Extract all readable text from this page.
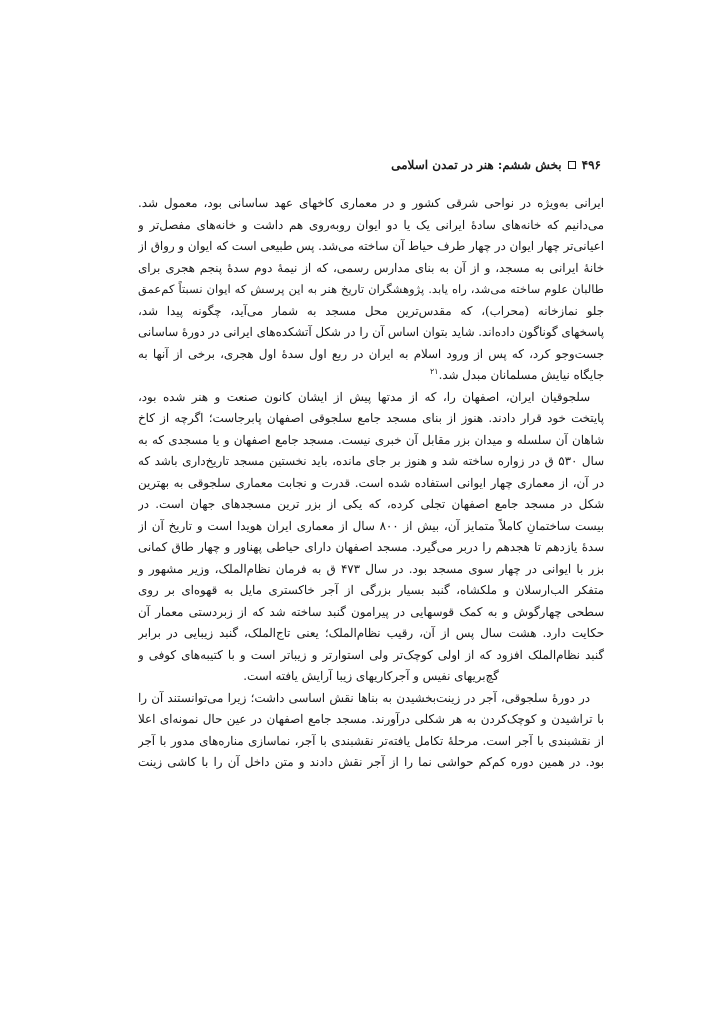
۴۹۶
بخش ششم: هنر در تمدن اسلامی
ایرانی به‌ویژه در نواحی شرقی کشور و در معماری کاخهای عهد ساسانی بود، معمول شد.
می‌دانیم که خانه‌های سادهٔ ایرانی یک یا دو ایوان روبه‌روی هم داشت و خانه‌های مفصل‌تر و
اعیانی‌تر چهار ایوان در چهار طرف حیاط آن ساخته می‌شد. پس طبیعی است که ایوان و رواق از
خانهٔ ایرانی به مسجد، و از آن به بنای مدارس رسمی، که از نیمهٔ دوم سدهٔ پنجم هجری برای
طالبان علوم ساخته می‌شد، راه یابد. پژوهشگران تاریخ هنر به این پرسش که ایوان نسبتاً کم‌عمق
جلو نمازخانه (محراب)، که مقدس‌ترین محل مسجد به شمار می‌آید، چگونه پیدا شد،
پاسخهای گوناگون داده‌اند. شاید بتوان اساس آن را در شکل آتشکده‌های ایرانی در دورهٔ ساسانی
جست‌وجو کرد، که پس از ورود اسلام به ایران در ربع اول سدهٔ اول هجری، برخی از آنها به
جایگاه نیایش مسلمانان مبدل شد.$^{۲۱}$
سلجوقیان ایران، اصفهان را، که از مدتها پیش از ایشان کانون صنعت و هنر شده بود،
پایتخت خود قرار دادند. هنوز از بنای مسجد جامع سلجوقی اصفهان پابرجاست؛ اگرچه از کاخ
شاهان آن سلسله و میدان بزر مقابل آن خبری نیست. مسجد جامع اصفهان و یا مسجدی که به
سال ۵۳۰ ق در زواره ساخته شد و هنوز بر جای مانده، باید نخستین مسجد تاریخ‌داری باشد که
در آن، از معماری چهار ایوانی استفاده شده است. قدرت و نجابت معماری سلجوقی به بهترین
شکل در مسجد جامع اصفهان تجلی کرده، که یکی از بزر ترین مسجدهای جهان است. در
بیست ساختمانِ کاملاً متمایز آن، بیش از ۸۰۰ سال از معماری ایران هویدا است و تاریخ آن از
سدهٔ یازدهم تا هجدهم را دربر می‌گیرد. مسجد اصفهان دارای حیاطی پهناور و چهار طاق کمانی
بزر با ایوانی در چهار سوی مسجد بود. در سال ۴۷۳ ق به فرمان نظام‌الملک، وزیر مشهور و
متفکر الب‌ارسلان و ملکشاه، گنبد بسیار بزرگی از آجر خاکستری مایل به قهوه‌ای بر روی
سطحی چهارگوش و به کمک قوسهایی در پیرامون گنبد ساخته شد که از زبردستی معمار آن
حکایت دارد. هشت سال پس از آن، رقیب نظام‌الملک؛ یعنی تاج‌الملک، گنبد زیبایی در برابر
گنبد نظام‌الملک افزود که از اولی کوچک‌تر ولی استوارتر و زیباتر است و با کتیبه‌های کوفی و
گچ‌بریهای نفیس و آجرکاریهای زیبا آرایش یافته است.
در دورهٔ سلجوقی، آجر در زینت‌بخشیدن به بناها نقش اساسی داشت؛ زیرا می‌توانستند آن را
با تراشیدن و کوچک‌کردن به هر شکلی درآورند. مسجد جامع اصفهان در عین حال نمونه‌ای اعلا
از نقشبندی با آجر است. مرحلهٔ تکامل یافته‌تر نقشبندی با آجر، نماسازی مناره‌های مدور با آجر
بود. در همین دوره کم‌کم حواشی نما را از آجر نقش دادند و متن داخل آن را با کاشی زینت
